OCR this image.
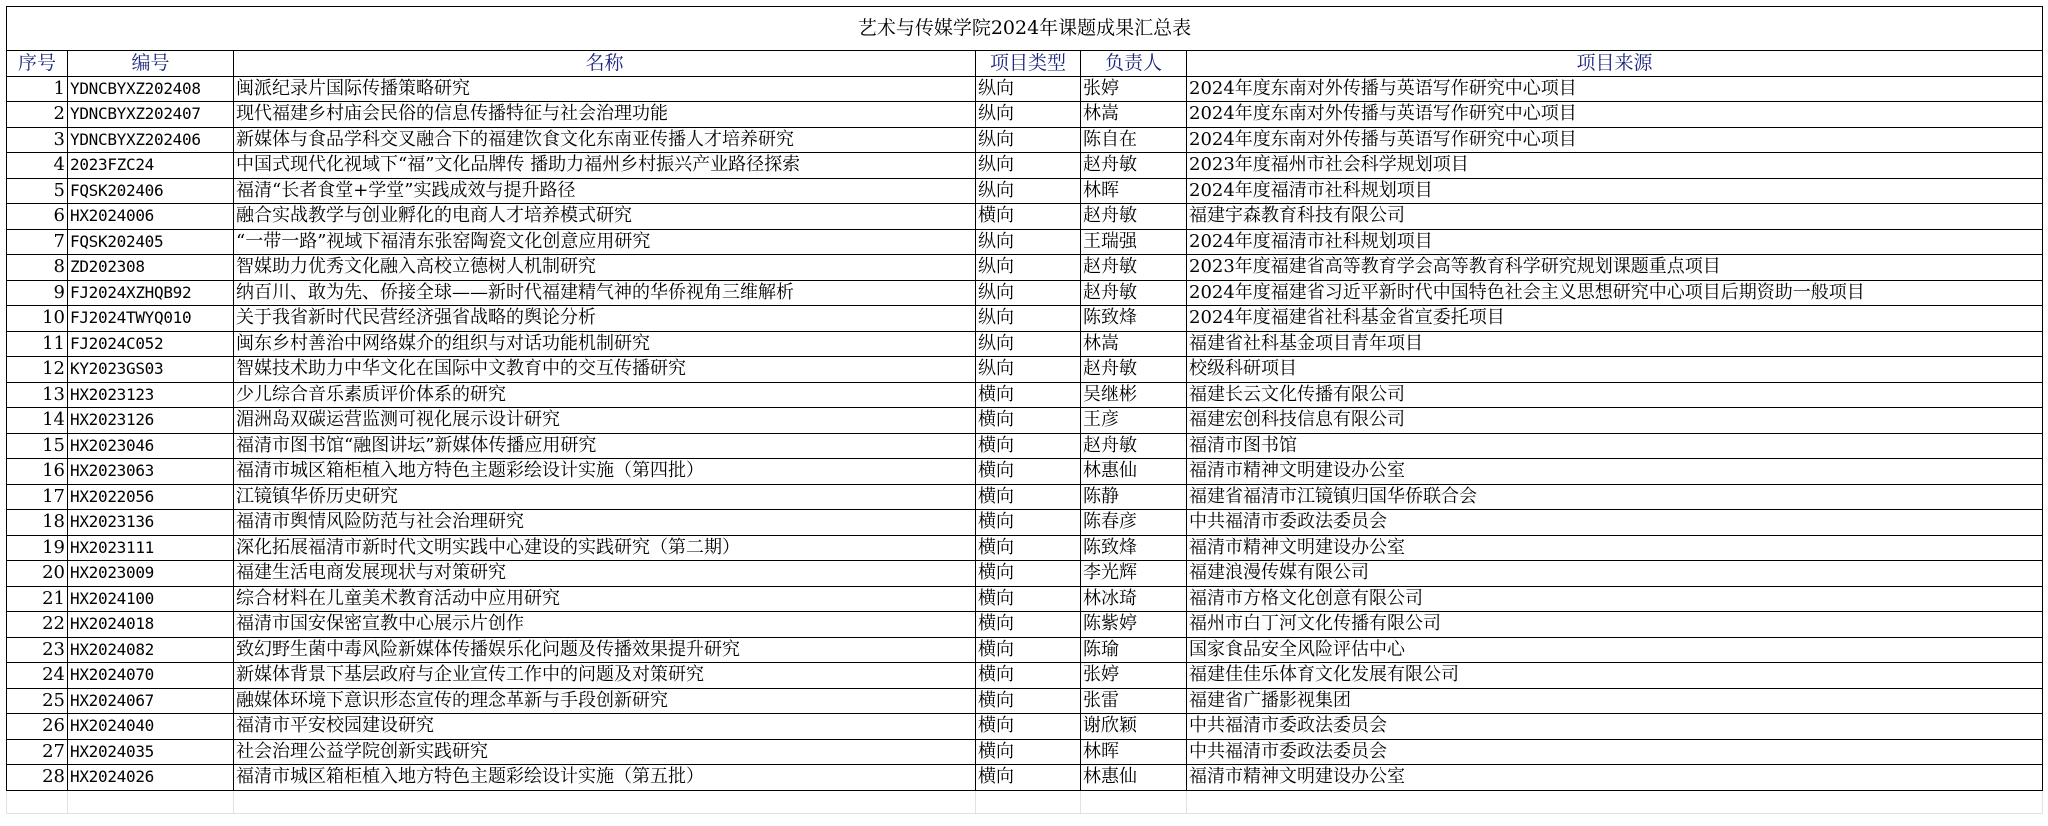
艺术与传媒学院2024年课题成果汇总表					
序号	编号	名称	项目类型	负责人	项目来源
1	YDNCBYXZ202408	闽派纪录片国际传播策略研究	纵向	张婷	2024年度东南对外传播与英语写作研究中心项目
2	YDNCBYXZ202407	现代福建乡村庙会民俗的信息传播特征与社会治理功能	纵向	林嵩	2024年度东南对外传播与英语写作研究中心项目
3	YDNCBYXZ202406	新媒体与食品学科交叉融合下的福建饮食文化东南亚传播人才培养研究	纵向	陈自在	2024年度东南对外传播与英语写作研究中心项目
4	2023FZC24	中国式现代化视域下“福”文化品牌传 播助力福州乡村振兴产业路径探索	纵向	赵舟敏	2023年度福州市社会科学规划项目
5	FQSK202406	福清“长者食堂+学堂”实践成效与提升路径	纵向	林晖	2024年度福清市社科规划项目
6	HX2024006	融合实战教学与创业孵化的电商人才培养模式研究	横向	赵舟敏	福建宇森教育科技有限公司
7	FQSK202405	“一带一路”视域下福清东张窑陶瓷文化创意应用研究	纵向	王瑞强	2024年度福清市社科规划项目
8	ZD202308	智媒助力优秀文化融入高校立德树人机制研究	纵向	赵舟敏	2023年度福建省高等教育学会高等教育科学研究规划课题重点项目
9	FJ2024XZHQB92	纳百川、敢为先、侨接全球——新时代福建精气神的华侨视角三维解析	纵向	赵舟敏	2024年度福建省习近平新时代中国特色社会主义思想研究中心项目后期资助一般项目
10	FJ2024TWYQ010	关于我省新时代民营经济强省战略的舆论分析	纵向	陈致烽	2024年度福建省社科基金省宣委托项目
11	FJ2024C052	闽东乡村善治中网络媒介的组织与对话功能机制研究	纵向	林嵩	福建省社科基金项目青年项目
12	KY2023GS03	智媒技术助力中华文化在国际中文教育中的交互传播研究	纵向	赵舟敏	校级科研项目
13	HX2023123	少儿综合音乐素质评价体系的研究	横向	吴继彬	福建长云文化传播有限公司
14	HX2023126	湄洲岛双碳运营监测可视化展示设计研究	横向	王彦	福建宏创科技信息有限公司
15	HX2023046	福清市图书馆“融图讲坛”新媒体传播应用研究	横向	赵舟敏	福清市图书馆
16	HX2023063	福清市城区箱柜植入地方特色主题彩绘设计实施（第四批）	横向	林惠仙	福清市精神文明建设办公室
17	HX2022056	江镜镇华侨历史研究	横向	陈静	福建省福清市江镜镇归国华侨联合会
18	HX2023136	福清市舆情风险防范与社会治理研究	横向	陈春彦	中共福清市委政法委员会
19	HX2023111	深化拓展福清市新时代文明实践中心建设的实践研究（第二期）	横向	陈致烽	福清市精神文明建设办公室
20	HX2023009	福建生活电商发展现状与对策研究	横向	李光辉	福建浪漫传媒有限公司
21	HX2024100	综合材料在儿童美术教育活动中应用研究	横向	林冰琦	福清市方格文化创意有限公司
22	HX2024018	福清市国安保密宣教中心展示片创作	横向	陈紫婷	福州市白丁河文化传播有限公司
23	HX2024082	致幻野生菌中毒风险新媒体传播娱乐化问题及传播效果提升研究	横向	陈瑜	国家食品安全风险评估中心
24	HX2024070	新媒体背景下基层政府与企业宣传工作中的问题及对策研究	横向	张婷	福建佳佳乐体育文化发展有限公司
25	HX2024067	融媒体环境下意识形态宣传的理念革新与手段创新研究	横向	张雷	福建省广播影视集团
26	HX2024040	福清市平安校园建设研究	横向	谢欣颖	中共福清市委政法委员会
27	HX2024035	社会治理公益学院创新实践研究	横向	林晖	中共福清市委政法委员会
28	HX2024026	福清市城区箱柜植入地方特色主题彩绘设计实施（第五批）	横向	林惠仙	福清市精神文明建设办公室
